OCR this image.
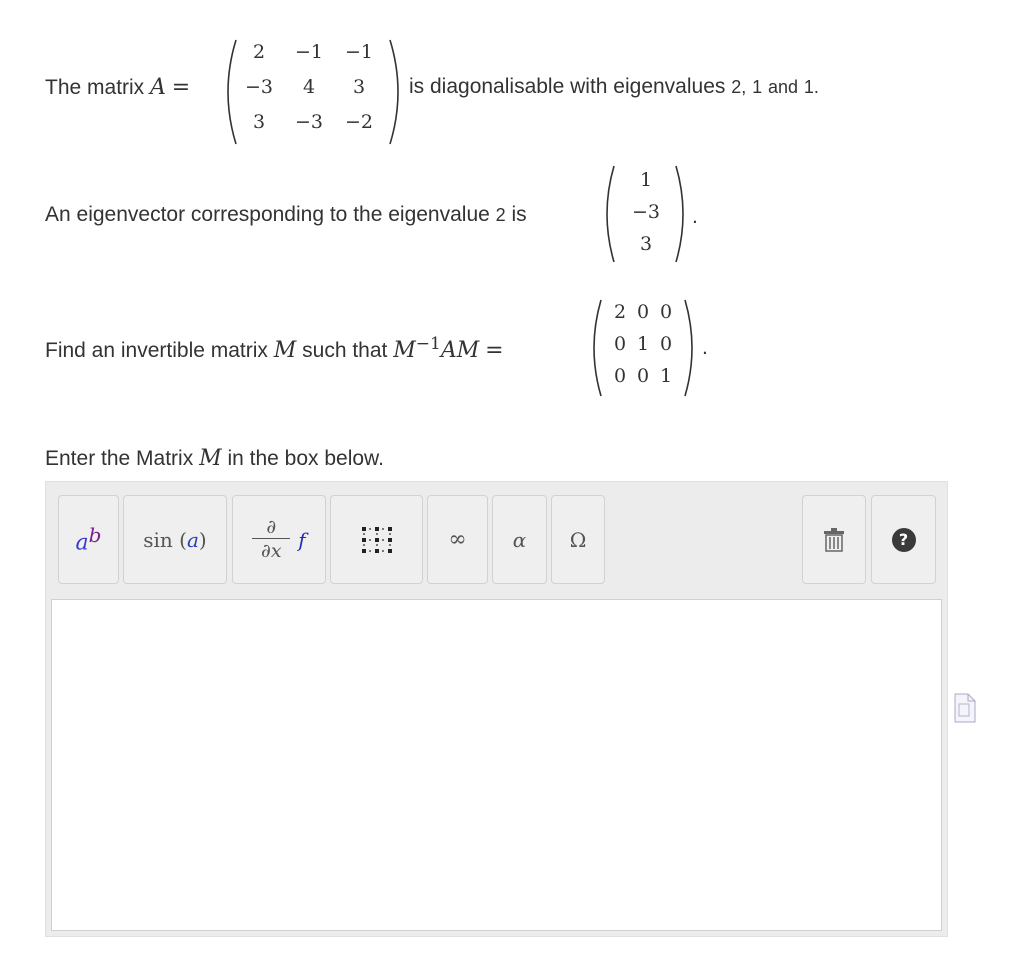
The matrix A =
2	−1	−1
−3	4	3
3	−3	−2
is diagonalisable with eigenvalues 2, 1 and 1.
An eigenvector corresponding to the eigenvalue 2 is
1
−3
3
.
Find an invertible matrix M such that $M^{-1}AM$ =
2 0 0
0 1 0
0 0 1
.
Enter the Matrix M in the box below.
$a^b$ sin
( a )
∂
∂x f	∞ α Ω	?
